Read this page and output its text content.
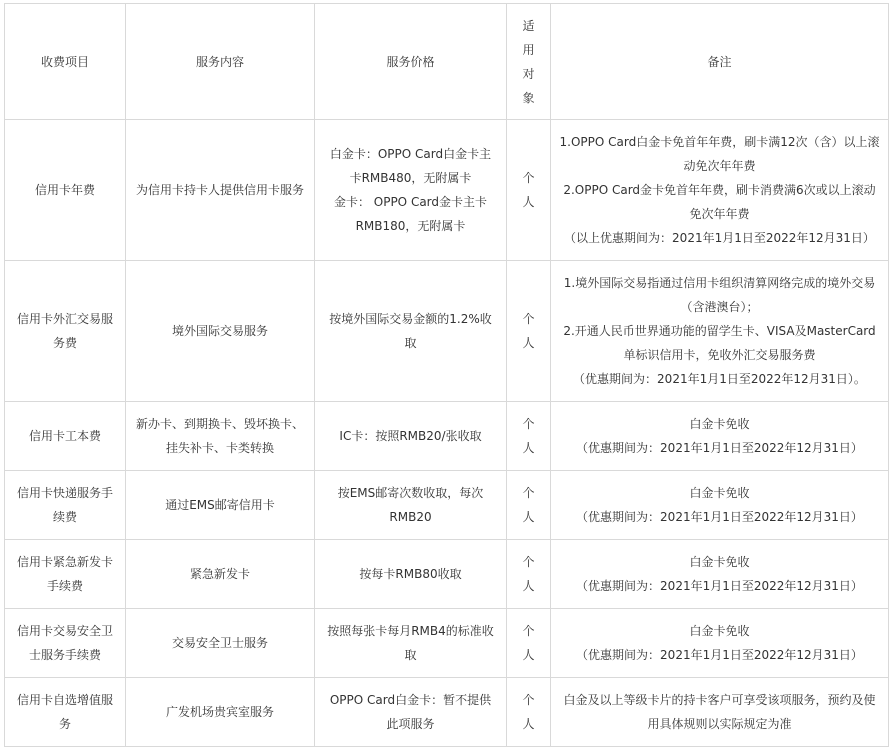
收费项目	服务内容	服务价格	适
用
对
象	备注

信用卡年费	为信用卡持卡人提供信用卡服务	白金卡：OPPO Card白金卡主
卡RMB480，无附属卡
金卡： OPPO Card金卡主卡
RMB180，无附属卡	个
人	1.OPPO Card白金卡免首年年费，刷卡满12次（含）以上滚动免次年年费
2.OPPO Card金卡免首年年费，刷卡消费满6次或以上滚动免次年年费
（以上优惠期间为：2021年1月1日至2022年12月31日）

信用卡外汇交易服
务费	境外国际交易服务	按境外国际交易金额的1.2%收
取	个
人	1.境外国际交易指通过信用卡组织清算网络完成的境外交易（含港澳台）；
2.开通人民币世界通功能的留学生卡、VISA及MasterCard单标识信用卡，免收外汇交易服务费
（优惠期间为：2021年1月1日至2022年12月31日）。

信用卡工本费	新办卡、到期换卡、毁坏换卡、
挂失补卡、卡类转换	IC卡：按照RMB20/张收取	个
人	白金卡免收
（优惠期间为：2021年1月1日至2022年12月31日）

信用卡快递服务手
续费	通过EMS邮寄信用卡	按EMS邮寄次数收取，每次
RMB20	个
人	白金卡免收
（优惠期间为：2021年1月1日至2022年12月31日）

信用卡紧急新发卡
手续费	紧急新发卡	按每卡RMB80收取	个
人	白金卡免收
（优惠期间为：2021年1月1日至2022年12月31日）

信用卡交易安全卫
士服务手续费	交易安全卫士服务	按照每张卡每月RMB4的标准收
取	个
人	白金卡免收
（优惠期间为：2021年1月1日至2022年12月31日）

信用卡自选增值服
务	广发机场贵宾室服务	OPPO Card白金卡：暂不提供
此项服务	个
人	白金及以上等级卡片的持卡客户可享受该项服务，预约及使用具体规则以实际规定为准
